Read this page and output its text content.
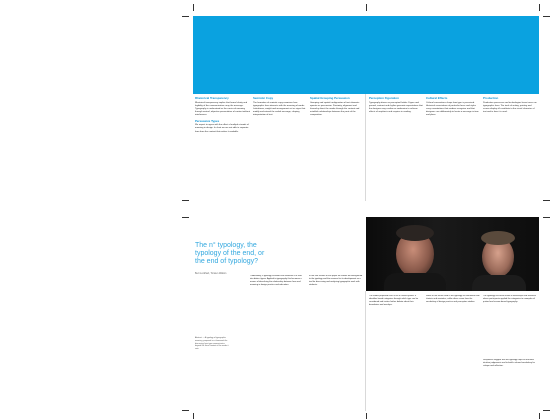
Rhetorical Transparency

Rhetorical transparency implies that formal clarity and legibility of the communication carry the message. Typography is understood as the carrier of meaning through neutral, objective presentation of content without interference.

Persuasive Types

We expect to agree with the effect of multiple strands of meaning in design. In short we are not able to separate form from the content that makes it readable.

Semiotic Copy

The formation of semiotic copy examines how typographic form interacts with the meaning of words. Letterforms, weight and arrangement act as signs that modify and extend the verbal message, shaping interpretation of text.

Spatial Grouping Persuasion

Grouping and spatial configuration of text elements operate as persuasion. Proximity, alignment and hierarchy direct the reader through the content and establish relationships between the parts of the composition.

Perception Figuration

Typography draws on perceptual habits. Figure and ground, contrast and rhythm generate expectations that the designer may confirm or undermine to achieve effects of emphasis and surprise in reading.

Cultural Effects

Cultural conventions shape how type is perceived. Historical associations of particular faces and styles carry connotations that readers recognise and that designers use deliberately to locate a message in time and place.

Production

Production processes and technologies leave traces on typographic form. The tools of writing, printing and screen display all contribute to the visual character of text and to how it is read.

The n° typology, the typology of the end, or the end of typology?
Bert Lockhart, Torsten Walton
Abstract — A typology of typographic meaning, proposed as a framework for discussing how type communicates beyond the literal content of the words it sets.
Traditionally, a typology classifies the elements of a field into distinct types. Applied to typography this becomes a means of describing the relationship between form and meaning in design practice and education.
In the first section of this paper we outline the background to the typology and the reasons for its development as a tool for discussing and analysing typographic work with students.
The model proposed here is not a closed system. It identifies broad categories through which type can be considered and invites further debate about their boundaries and overlaps.
Some of the terms used in the typology are borrowed from rhetoric and semiotics, while others come from the vocabulary of design practice and perception studies.
The typology has been tested in workshops and seminars where participants applied the categories to examples of printed and screen-based typography.
Responses suggest that the typology helps to articulate intuitive judgements and to build a shared vocabulary for critique and reflection.
